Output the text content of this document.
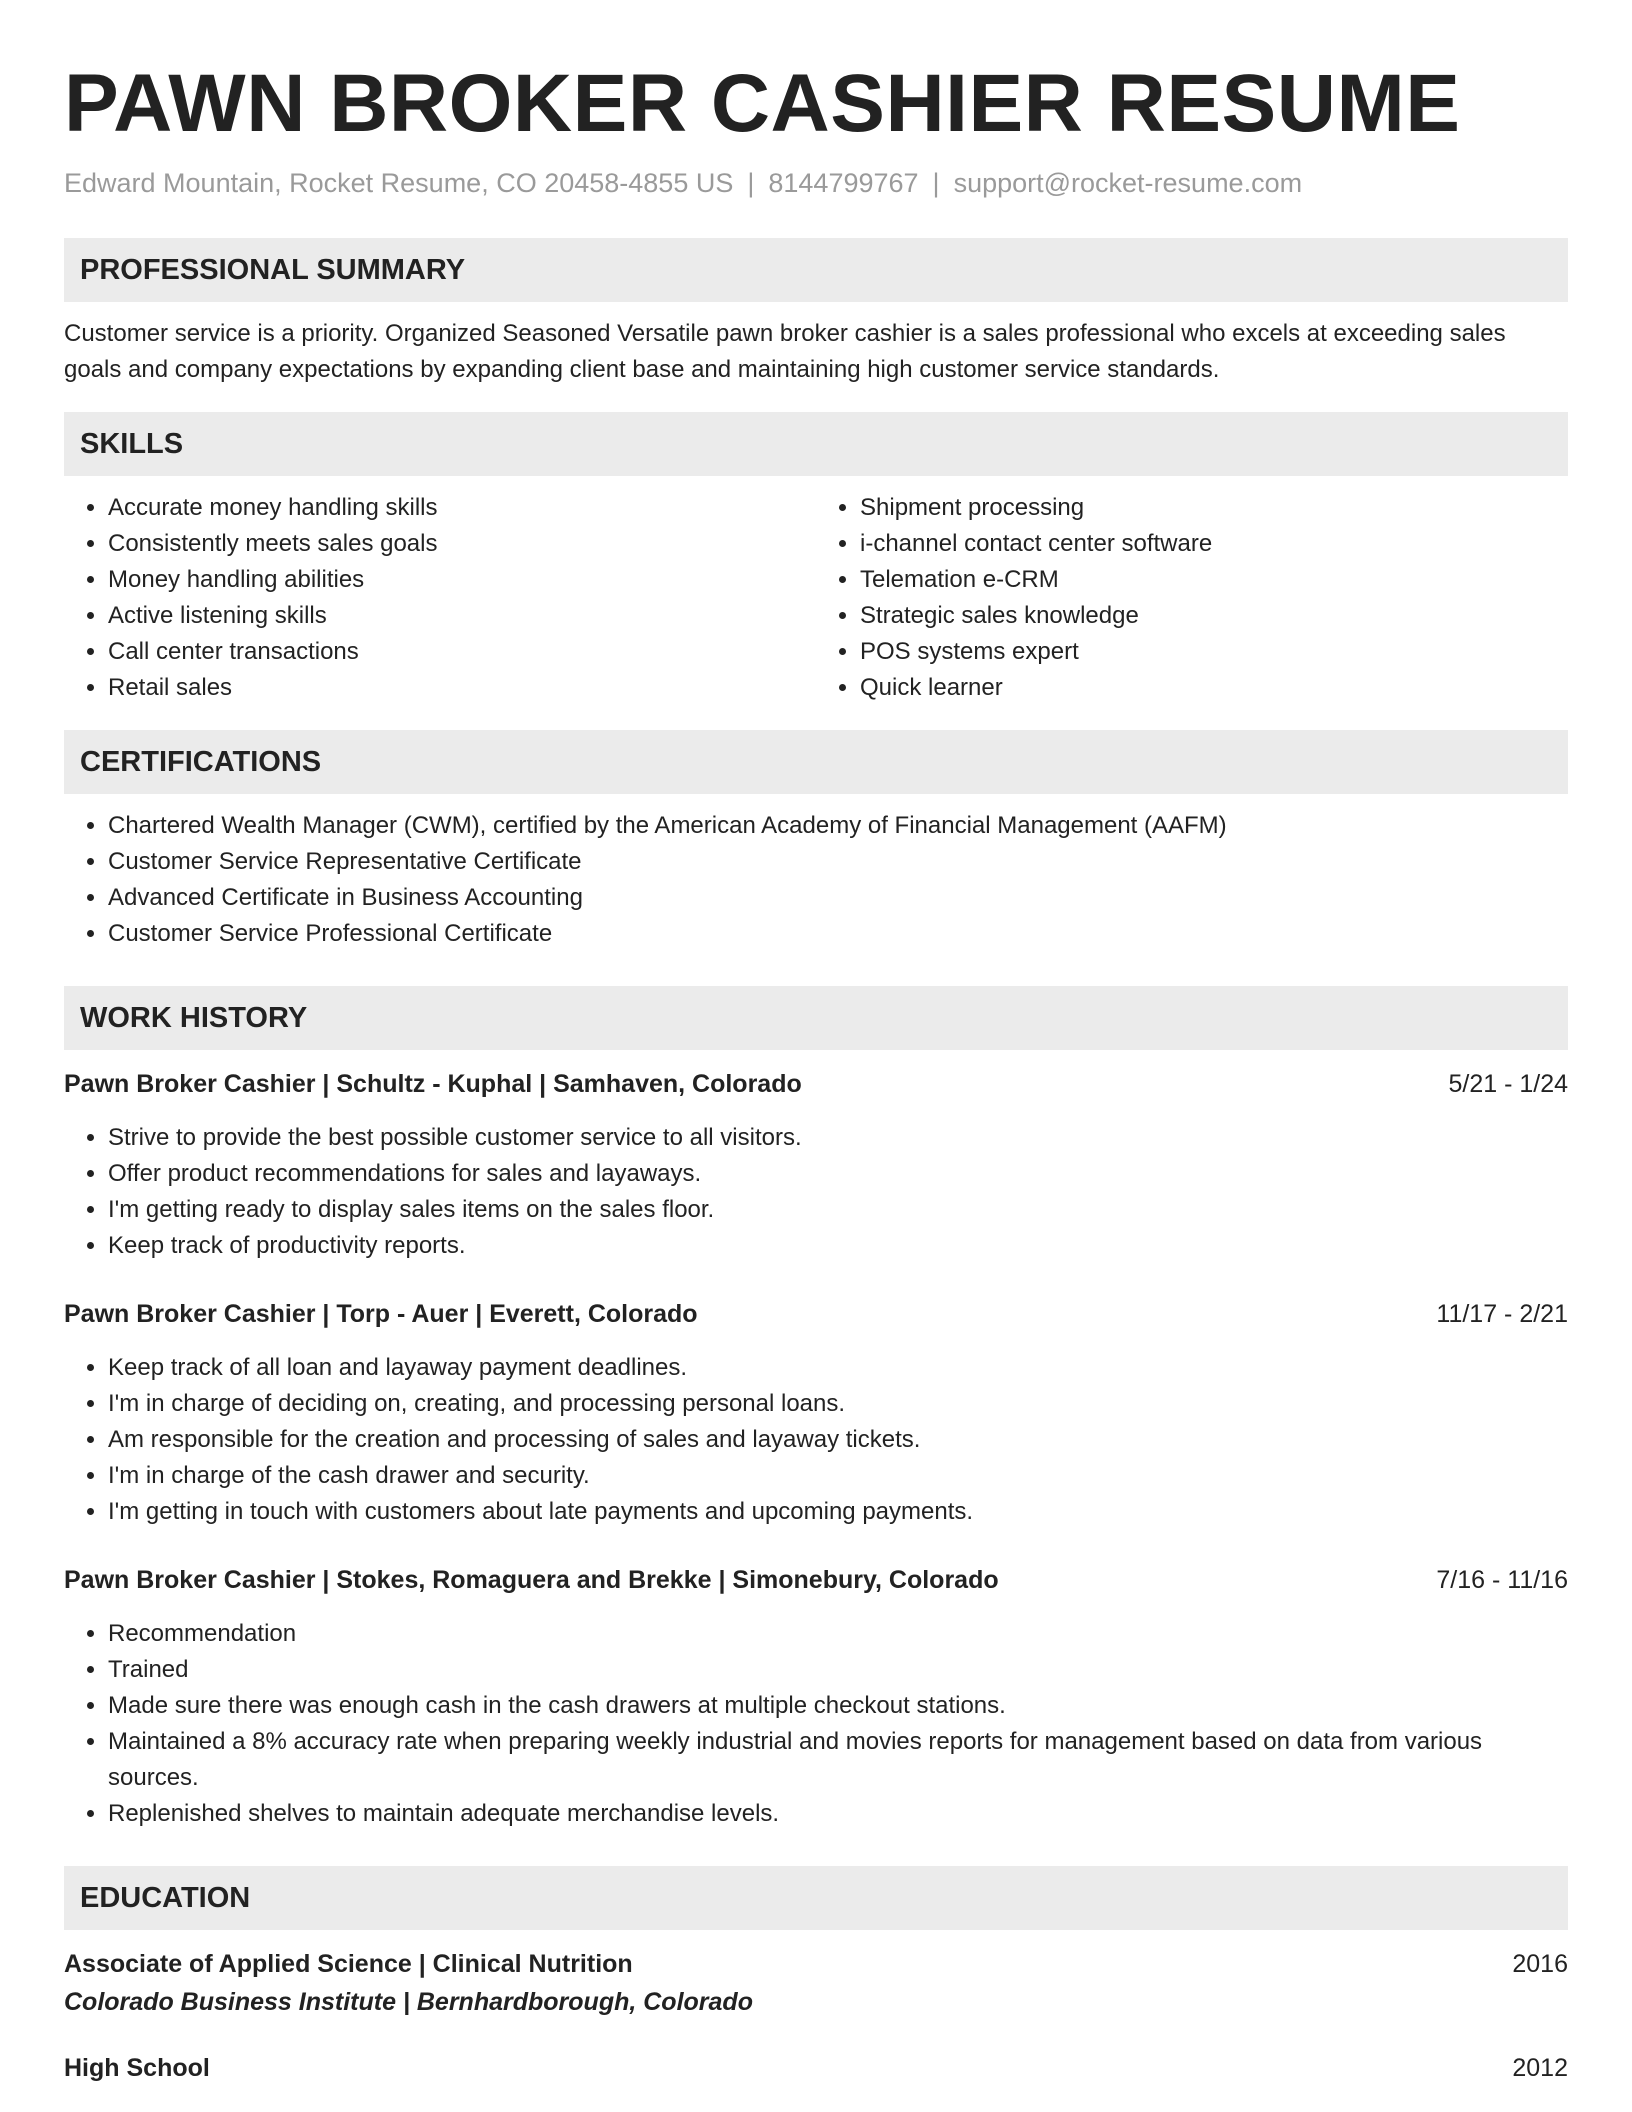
PAWN BROKER CASHIER RESUME
Edward Mountain, Rocket Resume, CO 20458-4855 US | 8144799767 | support@rocket-resume.com
PROFESSIONAL SUMMARY
Customer service is a priority. Organized Seasoned Versatile pawn broker cashier is a sales professional who excels at exceeding sales goals and company expectations by expanding client base and maintaining high customer service standards.
SKILLS
• Accurate money handling skills
• Consistently meets sales goals
• Money handling abilities
• Active listening skills
• Call center transactions
• Retail sales
• Shipment processing
• i-channel contact center software
• Telemation e-CRM
• Strategic sales knowledge
• POS systems expert
• Quick learner
CERTIFICATIONS
• Chartered Wealth Manager (CWM), certified by the American Academy of Financial Management (AAFM)
• Customer Service Representative Certificate
• Advanced Certificate in Business Accounting
• Customer Service Professional Certificate
WORK HISTORY
Pawn Broker Cashier | Schultz - Kuphal | Samhaven, Colorado	5/21 - 1/24
• Strive to provide the best possible customer service to all visitors.
• Offer product recommendations for sales and layaways.
• I'm getting ready to display sales items on the sales floor.
• Keep track of productivity reports.
Pawn Broker Cashier | Torp - Auer | Everett, Colorado	11/17 - 2/21
• Keep track of all loan and layaway payment deadlines.
• I'm in charge of deciding on, creating, and processing personal loans.
• Am responsible for the creation and processing of sales and layaway tickets.
• I'm in charge of the cash drawer and security.
• I'm getting in touch with customers about late payments and upcoming payments.
Pawn Broker Cashier | Stokes, Romaguera and Brekke | Simonebury, Colorado	7/16 - 11/16
• Recommendation
• Trained
• Made sure there was enough cash in the cash drawers at multiple checkout stations.
• Maintained a 8% accuracy rate when preparing weekly industrial and movies reports for management based on data from various sources.
• Replenished shelves to maintain adequate merchandise levels.
EDUCATION
Associate of Applied Science | Clinical Nutrition	2016
Colorado Business Institute | Bernhardborough, Colorado
High School	2012
